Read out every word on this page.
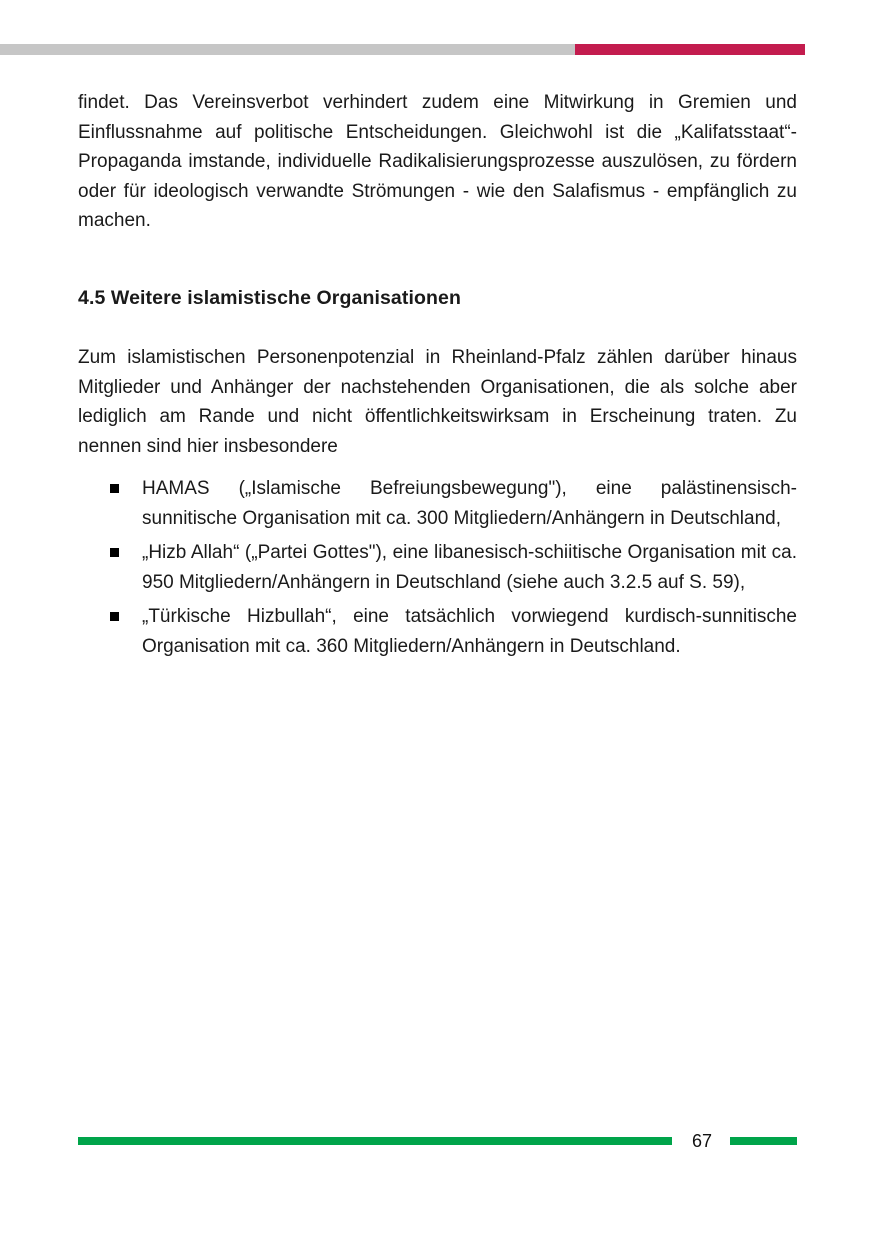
findet. Das Vereinsverbot verhindert zudem eine Mitwirkung in Gremien und Einflussnahme auf politische Entscheidungen. Gleichwohl ist die „Kalifatsstaat“-Propaganda imstande, individuelle Radikalisierungsprozesse auszulösen, zu fördern oder für ideologisch verwandte Strömungen - wie den Salafismus - empfänglich zu machen.

4.5 Weitere islamistische Organisationen

Zum islamistischen Personenpotenzial in Rheinland-Pfalz zählen darüber hinaus Mitglieder und Anhänger der nachstehenden Organisationen, die als solche aber lediglich am Rande und nicht öffentlichkeitswirksam in Erscheinung traten. Zu nennen sind hier insbesondere

HAMAS („Islamische Befreiungsbewegung"), eine palästinensisch-sunnitische Organisation mit ca. 300 Mitgliedern/Anhängern in Deutschland,
„Hizb Allah“ („Partei Gottes"), eine libanesisch-schiitische Organisation mit ca. 950 Mitgliedern/Anhängern in Deutschland (siehe auch 3.2.5 auf S. 59),
„Türkische Hizbullah“, eine tatsächlich vorwiegend kurdisch-sunnitische Organisation mit ca. 360 Mitgliedern/Anhängern in Deutschland.
67
